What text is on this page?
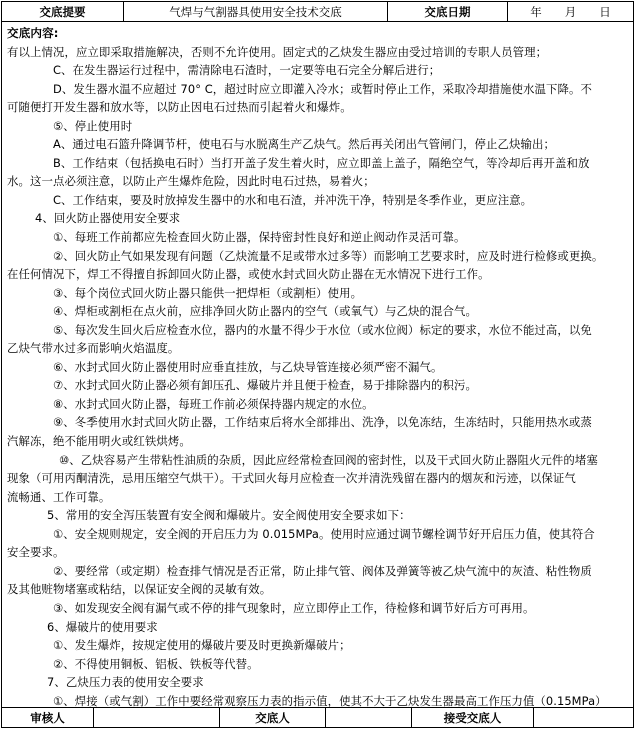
交底提要	气焊与气割器具使用安全技术交底	交底日期	年　　月　　日
交底内容:
有以上情况，应立即采取措施解决，否则不允许使用。固定式的乙炔发生器应由受过培训的专职人员管理；
C、在发生器运行过程中，需清除电石渣时，一定要等电石完全分解后进行；
D、发生器水温不应超过 70° C，超过时应立即灌入冷水；或暂时停止工作，采取冷却措施使水温下降。不
可随便打开发生器和放水等，以防止因电石过热而引起着火和爆炸。
⑤、停止使用时
A、通过电石篮升降调节杆，使电石与水脱离生产乙炔气。然后再关闭出气管闸门，停止乙炔输出；
B、工作结束（包括换电石时）当打开盖子发生着火时，应立即盖上盖子，隔绝空气，等冷却后再开盖和放
水。这一点必须注意，以防止产生爆炸危险，因此时电石过热，易着火；
C、工作结束，要及时放掉发生器中的水和电石渣，并冲洗干净，特别是冬季作业，更应注意。
4、回火防止器使用安全要求
①、每班工作前都应先检查回火防止器，保持密封性良好和逆止阀动作灵活可靠。
②、回火防止气如果发现有问题（乙炔流量不足或带水过多等）而影响工艺要求时，应及时进行检修或更换。
在任何情况下，焊工不得擅自拆卸回火防止器，或使水封式回火防止器在无水情况下进行工作。
③、每个岗位式回火防止器只能供一把焊柜（或割柜）使用。
④、焊柜或割柜在点火前，应排净回火防止器内的空气（或氧气）与乙炔的混合气。
⑤、每次发生回火后应检查水位，器内的水量不得少于水位（或水位阀）标定的要求，水位不能过高，以免
乙炔气带水过多而影响火焰温度。
⑥、水封式回火防止器使用时应垂直挂放，与乙炔导管连接必须严密不漏气。
⑦、水封式回火防止器必须有卸压孔、爆破片并且便于检查，易于排除器内的积污。
⑧、水封式回火防止器，每班工作前必须保持器内规定的水位。
⑨、冬季使用水封式回火防止器，工作结束后将水全部排出、洗净，以免冻结，生冻结时，只能用热水或蒸
汽解冻，绝不能用明火或红铁烘烤。
⑩、乙炔容易产生带粘性油质的杂质，因此应经常检查回阀的密封性，以及干式回火防止器阻火元件的堵塞
现象（可用丙酮清洗，忌用压缩空气烘干）。干式回火每月应检查一次并清洗残留在器内的烟灰和污迹，以保证气
流畅通、工作可靠。
5、常用的安全泻压装置有安全阀和爆破片。安全阀使用安全要求如下：
①、安全规则规定，安全阀的开启压力为 0.015MPa。使用时应通过调节螺栓调节好开启压力值，使其符合
安全要求。
②、要经常（或定期）检查排气情况是否正常，防止排气管、阀体及弹簧等被乙炔气流中的灰渣、粘性物质
及其他赃物堵塞或粘结，以保证安全阀的灵敏有效。
③、如发现安全阀有漏气或不停的排气现象时，应立即停止工作，待检修和调节好后方可再用。
6、爆破片的使用要求
①、发生爆炸，按规定使用的爆破片要及时更换新爆破片；
②、不得使用铜板、铝板、铁板等代替。
7、乙炔压力表的使用安全要求
①、焊接（或气割）工作中要经常观察压力表的指示值，使其不大于乙炔发生器最高工作压力值（0.15MPa）
审核人	交底人	接受交底人
